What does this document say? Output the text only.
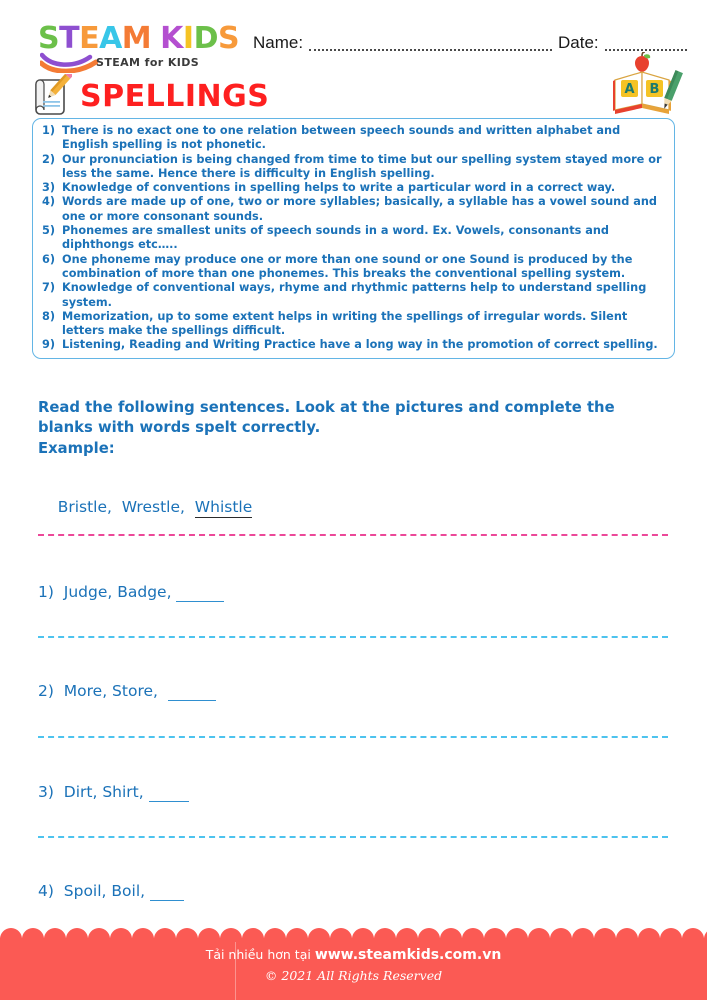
STEAM KIDS
STEAM for KIDS
Name:	Date:
SPELLINGS	A B
1) There is no exact one to one relation between speech sounds and written alphabet and English spelling is not phonetic.
2) Our pronunciation is being changed from time to time but our spelling system stayed more or less the same. Hence there is difficulty in English spelling.
3) Knowledge of conventions in spelling helps to write a particular word in a correct way.
4) Words are made up of one, two or more syllables; basically, a syllable has a vowel sound and one or more consonant sounds.
5) Phonemes are smallest units of speech sounds in a word. Ex. Vowels, consonants and diphthongs etc…..
6) One phoneme may produce one or more than one sound or one Sound is produced by the combination of more than one phonemes. This breaks the conventional spelling system.
7) Knowledge of conventional ways, rhyme and rhythmic patterns help to understand spelling system.
8) Memorization, up to some extent helps in writing the spellings of irregular words. Silent letters make the spellings difficult.
9) Listening, Reading and Writing Practice have a long way in the promotion of correct spelling.
Read the following sentences. Look at the pictures and complete the blanks with words spelt correctly.
Example:

Bristle,  Wrestle,  Whistle

1)  Judge, Badge,
2)  More, Store,
3)  Dirt, Shirt,
4)  Spoil, Boil,
Tải nhiều hơn tại www.steamkids.com.vn
© 2021 All Rights Reserved
